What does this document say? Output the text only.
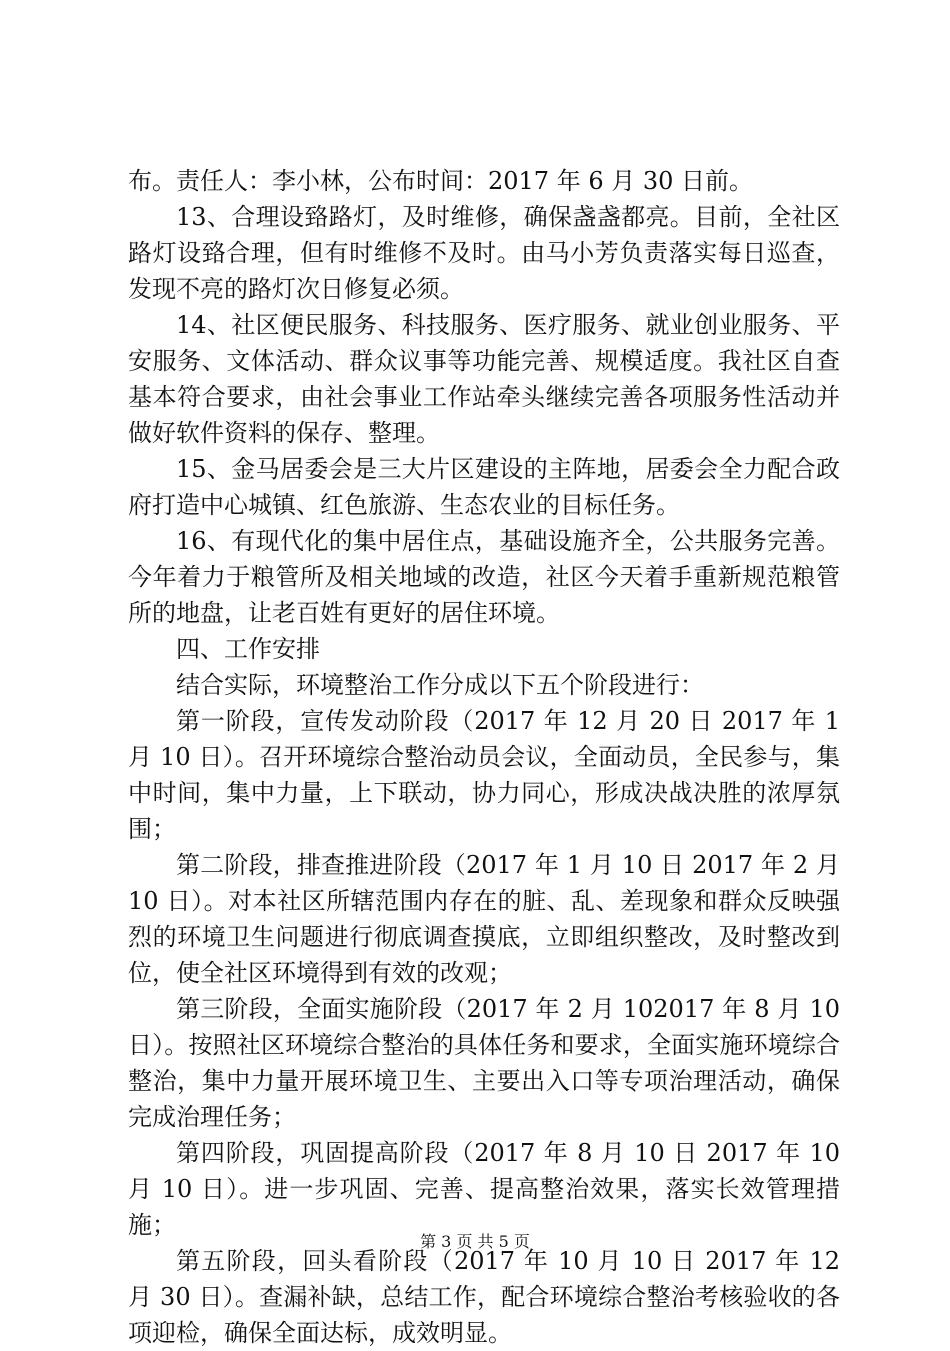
布。责任人：李小林，公布时间：2017 年 6 月 30 日前。

13、合理设臵路灯，及时维修，确保盏盏都亮。目前，全社区路灯设臵合理，但有时维修不及时。由马小芳负责落实每日巡查，发现不亮的路灯次日修复必须。

14、社区便民服务、科技服务、医疗服务、就业创业服务、平安服务、文体活动、群众议事等功能完善、规模适度。我社区自查基本符合要求，由社会事业工作站牵头继续完善各项服务性活动并做好软件资料的保存、整理。

15、金马居委会是三大片区建设的主阵地，居委会全力配合政府打造中心城镇、红色旅游、生态农业的目标任务。

16、有现代化的集中居住点，基础设施齐全，公共服务完善。今年着力于粮管所及相关地域的改造，社区今天着手重新规范粮管所的地盘，让老百姓有更好的居住环境。

四、工作安排

结合实际，环境整治工作分成以下五个阶段进行：

第一阶段，宣传发动阶段（2017 年 12 月 20 日 2017 年 1 月 10 日）。召开环境综合整治动员会议，全面动员，全民参与，集中时间，集中力量，上下联动，协力同心，形成决战决胜的浓厚氛围；

第二阶段，排查推进阶段（2017 年 1 月 10 日 2017 年 2 月 10 日）。对本社区所辖范围内存在的脏、乱、差现象和群众反映强烈的环境卫生问题进行彻底调查摸底，立即组织整改，及时整改到位，使全社区环境得到有效的改观；

第三阶段，全面实施阶段（2017 年 2 月 102017 年 8 月 10 日）。按照社区环境综合整治的具体任务和要求，全面实施环境综合整治，集中力量开展环境卫生、主要出入口等专项治理活动，确保完成治理任务；

第四阶段，巩固提高阶段（2017 年 8 月 10 日 2017 年 10 月 10 日）。进一步巩固、完善、提高整治效果，落实长效管理措施；

第五阶段，回头看阶段（2017 年 10 月 10 日 2017 年 12 月 30 日）。查漏补缺，总结工作，配合环境综合整治考核验收的各项迎检，确保全面达标，成效明显。

第 3 页 共 5 页
